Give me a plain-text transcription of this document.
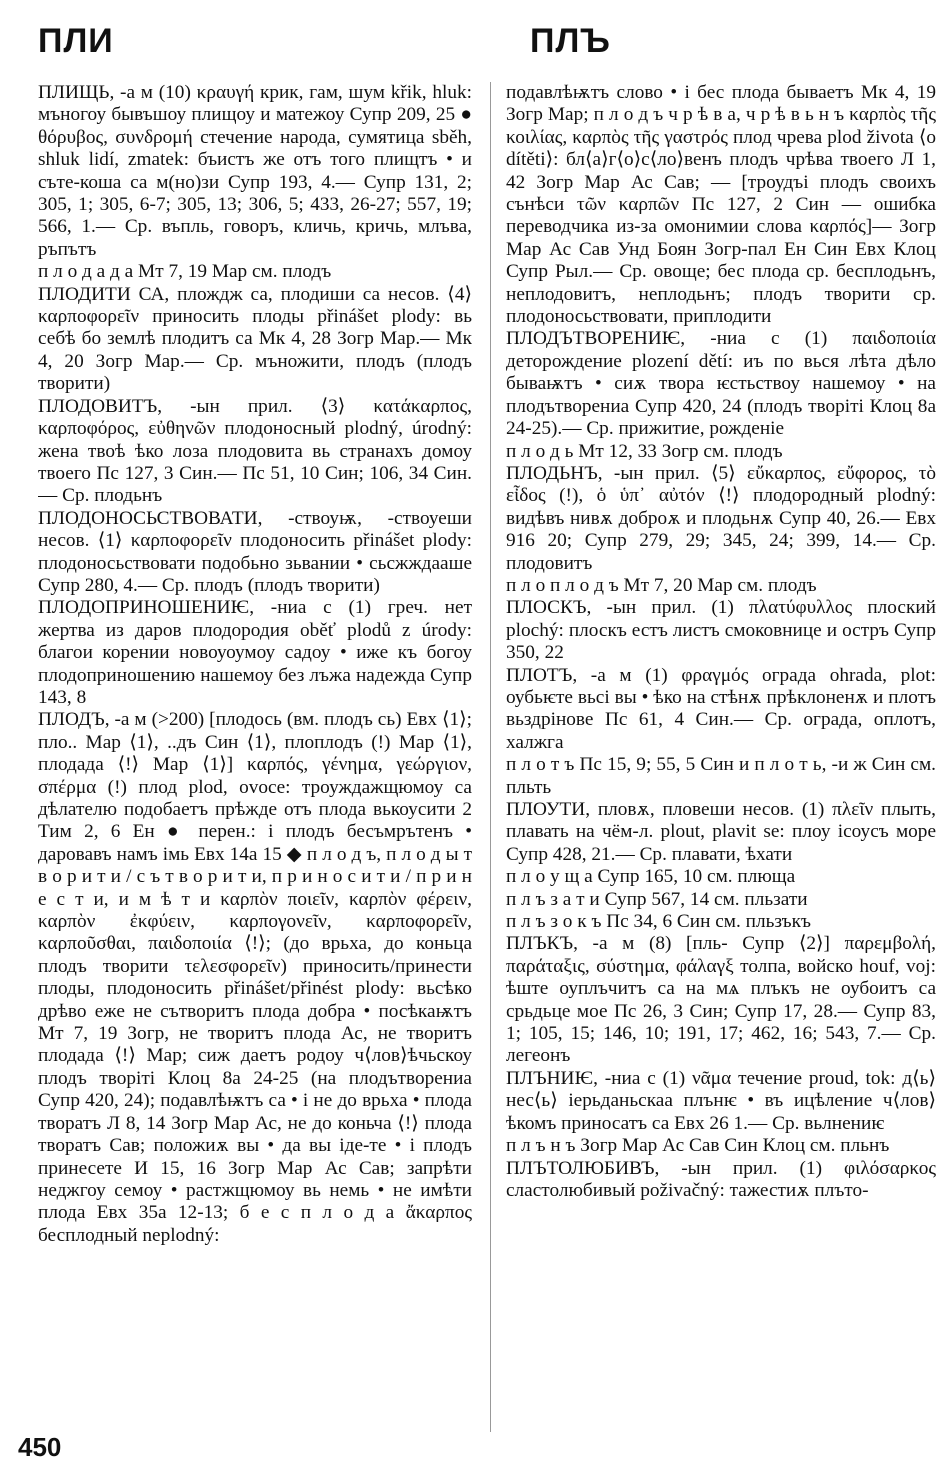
ПЛИ	ПЛЪ

ПЛИЩЬ, -а м (10) κραυγή крик, гам, шум křik, hluk: мъногоу бывъшоу плищоу и матежоу Супр 209, 25 ● θόρυβος, συνδρομή стечение народа, сумятица sběh, shluk lidí, zmatek: бъистъ же отъ того плищтъ • и съте-коша са м(но)зи Супр 193, 4.— Супр 131, 2; 305, 1; 305, 6-7; 305, 13; 306, 5; 433, 26-27; 557, 19; 566, 1.— Ср. въпль, говоръ, кличь, кричь, млъва, ръпътъ

п л о д а д а Мт 7, 19 Мар см. плодъ

ПЛОДИТИ СА, плождж са, плодиши са несов. ⟨4⟩ καρποφορεῖν приносить плоды přinášet plody: вь себѣ бо землѣ плодитъ са Мк 4, 28 Зогр Мар.— Мк 4, 20 Зогр Мар.— Ср. мъножити, плодъ (плодъ творити)

ПЛОДОВИТЪ, -ын прил. ⟨3⟩ κατάκαρπος, καρποφόρος, εὐθηνῶν плодоносный plodný, úrodný: жена твоѣ ѣко лоза плодовита вь странахъ домоу твоего Пс 127, 3 Син.— Пс 51, 10 Син; 106, 34 Син.— Ср. плодьнъ

ПЛОДОНОСЬСТВОВАТИ, -ствоуѭ, -ствоуеши несов. ⟨1⟩ καρποφορεῖν плодоносить přinášet plody: плодоносьствовати подобьно зьвании • сьсжждааше Супр 280, 4.— Ср. плодъ (плодъ творити)

ПЛОДОПРИНОШЕНИѤ, -ниа с (1) греч. нет жертва из даров плодородия oběť plodů z úrody: благои корении новоуоумоу садоу • иже къ богоу плодоприношению нашемоу без лъжа надежда Супр 143, 8

ПЛОДЪ, -а м (>200) [плодось (вм. плодъ сь) Евх ⟨1⟩; пло.. Мар ⟨1⟩, ..дъ Син ⟨1⟩, плоплодъ (!) Мар ⟨1⟩, плодада ⟨!⟩ Мар ⟨1⟩] καρπός, γένημα, γεώργιον, σπέρμα (!) плод plod, ovoce: троуждажщюмоу са дѣлателю подобаетъ прѣжде отъ плода вькоусити 2 Тим 2, 6 Ен ● перен.: і плодъ бесъмрътенъ • даровавъ намъ імь Евх 14а 15 ◆ п л о д ъ, п л о д ы т в о р и т и / с ъ т в о р и т и, п р и н о с и т и / п р и н е с т и, и м ѣ т и καρπὸν ποιεῖν, καρπὸν φέρειν, καρπὸν ἐκφύειν, καρπογονεῖν, καρποφορεῖν, καρποῦσθαι, παιδοποιία ⟨!⟩; (до врьха, до коньца плодъ творити τελεσφορεῖν) приносить/принести плоды, плодоносить přinášet/přinést plody: вьсѣко дрѣво еже не сътворитъ плода добра • посѣкаѭтъ Мт 7, 19 Зогр, не творитъ плода Ас, не творитъ плодада ⟨!⟩ Мар; сиж даетъ родоу ч⟨лов⟩ѣчьскоу плодъ творіті Клоц 8а 24-25 (на плодътворениа Супр 420, 24); подавлѣѭтъ са • і не до врьха • плода творатъ Л 8, 14 Зогр Мар Ас, не до коньча ⟨!⟩ плода творатъ Сав; положиѫ вы • да вы іде-те • і плодъ принесете И 15, 16 Зогр Мар Ас Сав; запрѣти неджгоу семоу • растжщюмоу вь немь • не имѣти плода Евх 35а 12-13; б е с п л о д а ἄκαρπος бесплодный neplodný:

подавлѣѭтъ слово • і бес плода бываетъ Мк 4, 19 Зогр Мар; п л о д ъ ч р ѣ в а, ч р ѣ в ь н ъ καρπὸς τῆς κοιλίας, καρπὸς τῆς γαστρός плод чрева plod života ⟨о dítěti⟩: бл⟨а⟩г⟨о⟩с⟨ло⟩венъ плодъ чрѣва твоего Л 1, 42 Зогр Мар Ас Сав; — [троудъі плодъ своихъ сънѣси τῶν καρπῶν Пс 127, 2 Син — ошибка переводчика из-за омонимии слова καρπός]— Зогр Мар Ас Сав Унд Боян Зогр-пал Ен Син Евх Клоц Супр Рыл.— Ср. овоще; бес плода ср. бесплодьнъ, неплодовитъ, неплодьнъ; плодъ творити ср. плодоносьствовати, приплодити

ПЛОДЪТВОРЕНИѤ, -ниа с (1) παιδοποιία деторождение plození dětí: иъ по вься лѣта дѣло бываѭтъ • сиѫ твора ѥстьствоу нашемоу • на плодътворениа Супр 420, 24 (плодъ творіті Клоц 8а 24-25).— Ср. прижитие, рожденіе

п л о д ь Мт 12, 33 Зогр см. плодъ

ПЛОДЬНЪ, -ын прил. ⟨5⟩ εὔκαρπος, εὔφορος, τὸ εἶδος (!), ὁ ὑπ᾽ αὐτόν ⟨!⟩ плодородный plodný: видѣвъ нивѫ доброѫ и плодьнѫ Супр 40, 26.— Евх 916 20; Супр 279, 29; 345, 24; 399, 14.— Ср. плодовитъ

п л о п л о д ъ Мт 7, 20 Мар см. плодъ

ПЛОСКЪ, -ын прил. (1) πλατύφυλλος плоский plochý: плоскъ естъ листъ смоковнице и остръ Супр 350, 22

ПЛОТЪ, -а м (1) φραγμός ограда ohrada, plot: оубьѥте вьсі вы • ѣко на стѣнѫ прѣклоненѫ и плотъ вьздрінове Пс 61, 4 Син.— Ср. ограда, оплотъ, халжга

п л о т ъ Пс 15, 9; 55, 5 Син и п л о т ь, -и ж Син см. пльть

ПЛОУТИ, пловѫ, пловеши несов. (1) πλεῖν плыть, плавать на чём-л. plout, plavit se: плоу ісоусъ море Супр 428, 21.— Ср. плавати, ѣхати

п л о у щ а Супр 165, 10 см. плюща

п л ъ з а т и Супр 567, 14 см. пльзати

п л ъ з о к ъ Пс 34, 6 Син см. пльзъкъ

ПЛЪКЪ, -а м (8) [пль- Супр ⟨2⟩] παρεμβολή, παράταξις, σύστημα, φάλαγξ толпа, войско houf, voj: ѣште оуплъчитъ са на мѧ плъкъ не оубоитъ са срьдьце мое Пс 26, 3 Син; Супр 17, 28.— Супр 83, 1; 105, 15; 146, 10; 191, 17; 462, 16; 543, 7.— Ср. легеонъ

ПЛЪНИѤ, -ниа с (1) νᾶμα течение proud, tok: д⟨ь⟩нес⟨ь⟩ іерьданьскаа плънѥ • въ ицѣление ч⟨лов⟩ѣкомъ приносатъ са Евх 26 1.— Ср. вьлнениѥ

п л ъ н ъ Зогр Мар Ас Сав Син Клоц см. пльнъ

ПЛЪТОЛЮБИВЪ, -ын прил. (1) φιλόσαρκος сластолюбивый poživačný: тажестиѫ плъто-

450
